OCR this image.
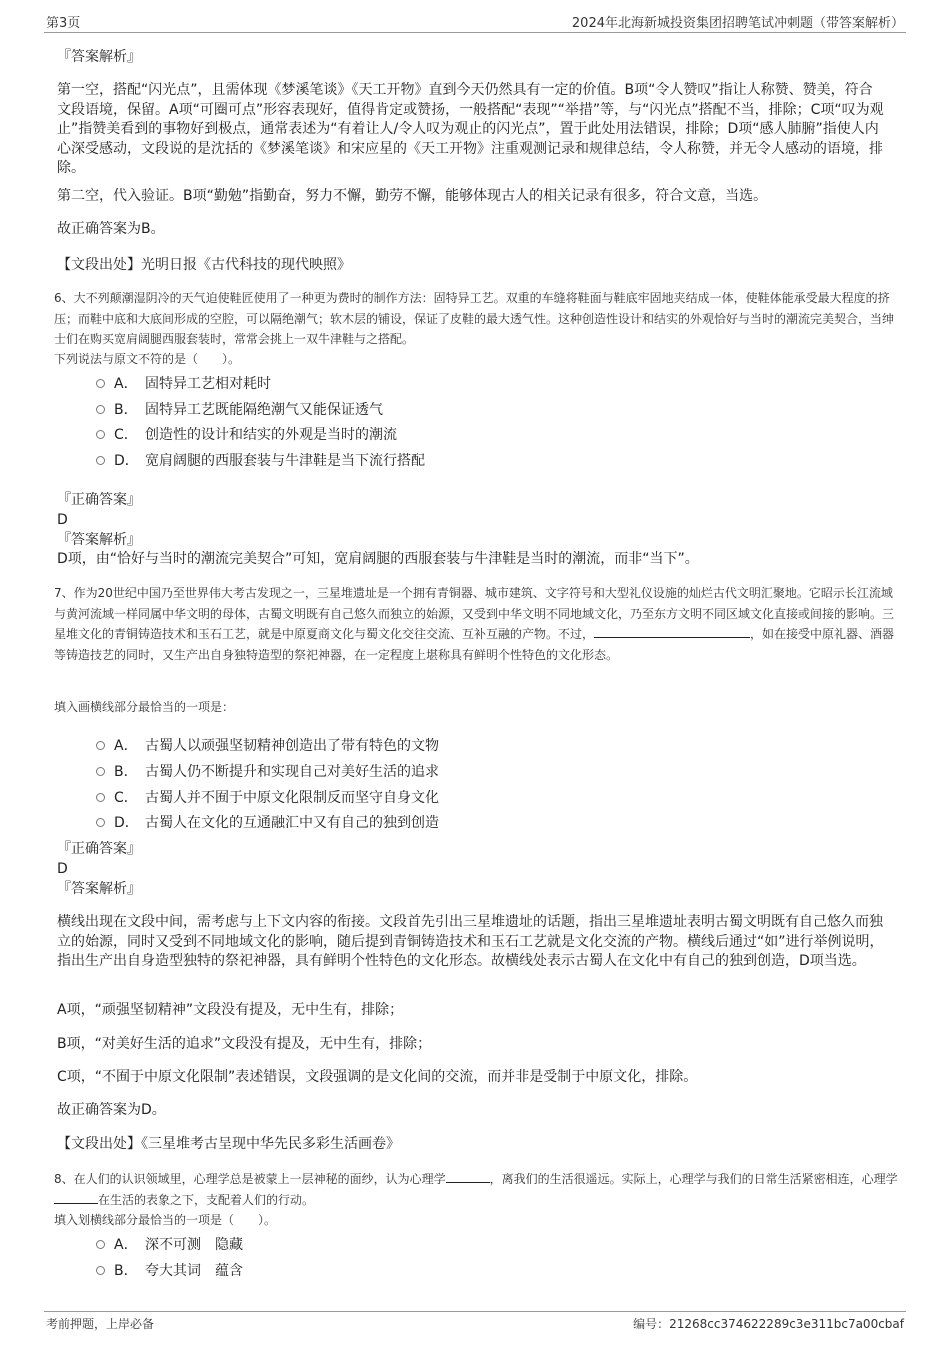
第3页	2024年北海新城投资集团招聘笔试冲刺题（带答案解析）
『答案解析』
第一空，搭配“闪光点”，且需体现《梦溪笔谈》《天工开物》直到今天仍然具有一定的价值。B项“令人赞叹”指让人称赞、赞美，符合文段语境，保留。A项“可圈可点”形容表现好，值得肯定或赞扬，一般搭配“表现”“举措”等，与“闪光点”搭配不当，排除；C项“叹为观止”指赞美看到的事物好到极点，通常表述为“有着让人/令人叹为观止的闪光点”，置于此处用法错误，排除；D项“感人肺腑”指使人内心深受感动，文段说的是沈括的《梦溪笔谈》和宋应星的《天工开物》注重观测记录和规律总结，令人称赞，并无令人感动的语境，排除。
第二空，代入验证。B项“勤勉”指勤奋，努力不懈，勤劳不懈，能够体现古人的相关记录有很多，符合文意，当选。
故正确答案为B。
【文段出处】光明日报《古代科技的现代映照》
6、大不列颠潮湿阴冷的天气迫使鞋匠使用了一种更为费时的制作方法：固特异工艺。双重的车缝将鞋面与鞋底牢固地夹结成一体，使鞋体能承受最大程度的挤压；而鞋中底和大底间形成的空腔，可以隔绝潮气；软木层的铺设，保证了皮鞋的最大透气性。这种创造性设计和结实的外观恰好与当时的潮流完美契合，当绅士们在购买宽肩阔腿西服套装时，常常会挑上一双牛津鞋与之搭配。
下列说法与原文不符的是（　　）。
A． 固特异工艺相对耗时
B． 固特异工艺既能隔绝潮气又能保证透气
C． 创造性的设计和结实的外观是当时的潮流
D． 宽肩阔腿的西服套装与牛津鞋是当下流行搭配
『正确答案』
D
『答案解析』
D项，由“恰好与当时的潮流完美契合”可知，宽肩阔腿的西服套装与牛津鞋是当时的潮流，而非“当下”。
7、作为20世纪中国乃至世界伟大考古发现之一，三星堆遗址是一个拥有青铜器、城市建筑、文字符号和大型礼仪设施的灿烂古代文明汇聚地。它昭示长江流域与黄河流域一样同属中华文明的母体，古蜀文明既有自己悠久而独立的始源，又受到中华文明不同地域文化，乃至东方文明不同区域文化直接或间接的影响。三星堆文化的青铜铸造技术和玉石工艺，就是中原夏商文化与蜀文化交往交流、互补互融的产物。不过，	，如在接受中原礼器、酒器等铸造技艺的同时，又生产出自身独特造型的祭祀神器，在一定程度上堪称具有鲜明个性特色的文化形态。
填入画横线部分最恰当的一项是：
A． 古蜀人以顽强坚韧精神创造出了带有特色的文物
B． 古蜀人仍不断提升和实现自己对美好生活的追求
C． 古蜀人并不囿于中原文化限制反而坚守自身文化
D． 古蜀人在文化的互通融汇中又有自己的独到创造
『正确答案』
D
『答案解析』
横线出现在文段中间，需考虑与上下文内容的衔接。文段首先引出三星堆遗址的话题，指出三星堆遗址表明古蜀文明既有自己悠久而独立的始源，同时又受到不同地域文化的影响，随后提到青铜铸造技术和玉石工艺就是文化交流的产物。横线后通过“如”进行举例说明，指出生产出自身造型独特的祭祀神器，具有鲜明个性特色的文化形态。故横线处表示古蜀人在文化中有自己的独到创造，D项当选。
A项，“顽强坚韧精神”文段没有提及，无中生有，排除；
B项，“对美好生活的追求”文段没有提及，无中生有，排除；
C项，“不囿于中原文化限制”表述错误，文段强调的是文化间的交流，而并非是受制于中原文化，排除。
故正确答案为D。
【文段出处】《三星堆考古呈现中华先民多彩生活画卷》
8、在人们的认识领域里，心理学总是被蒙上一层神秘的面纱，认为心理学	，离我们的生活很遥远。实际上，心理学与我们的日常生活紧密相连，心理学在生活的表象之下，支配着人们的行动。
填入划横线部分最恰当的一项是（　　）。
A． 深不可测　隐藏
B． 夸大其词　蕴含
考前押题，上岸必备	编号：21268cc374622289c3e311bc7a00cbaf
